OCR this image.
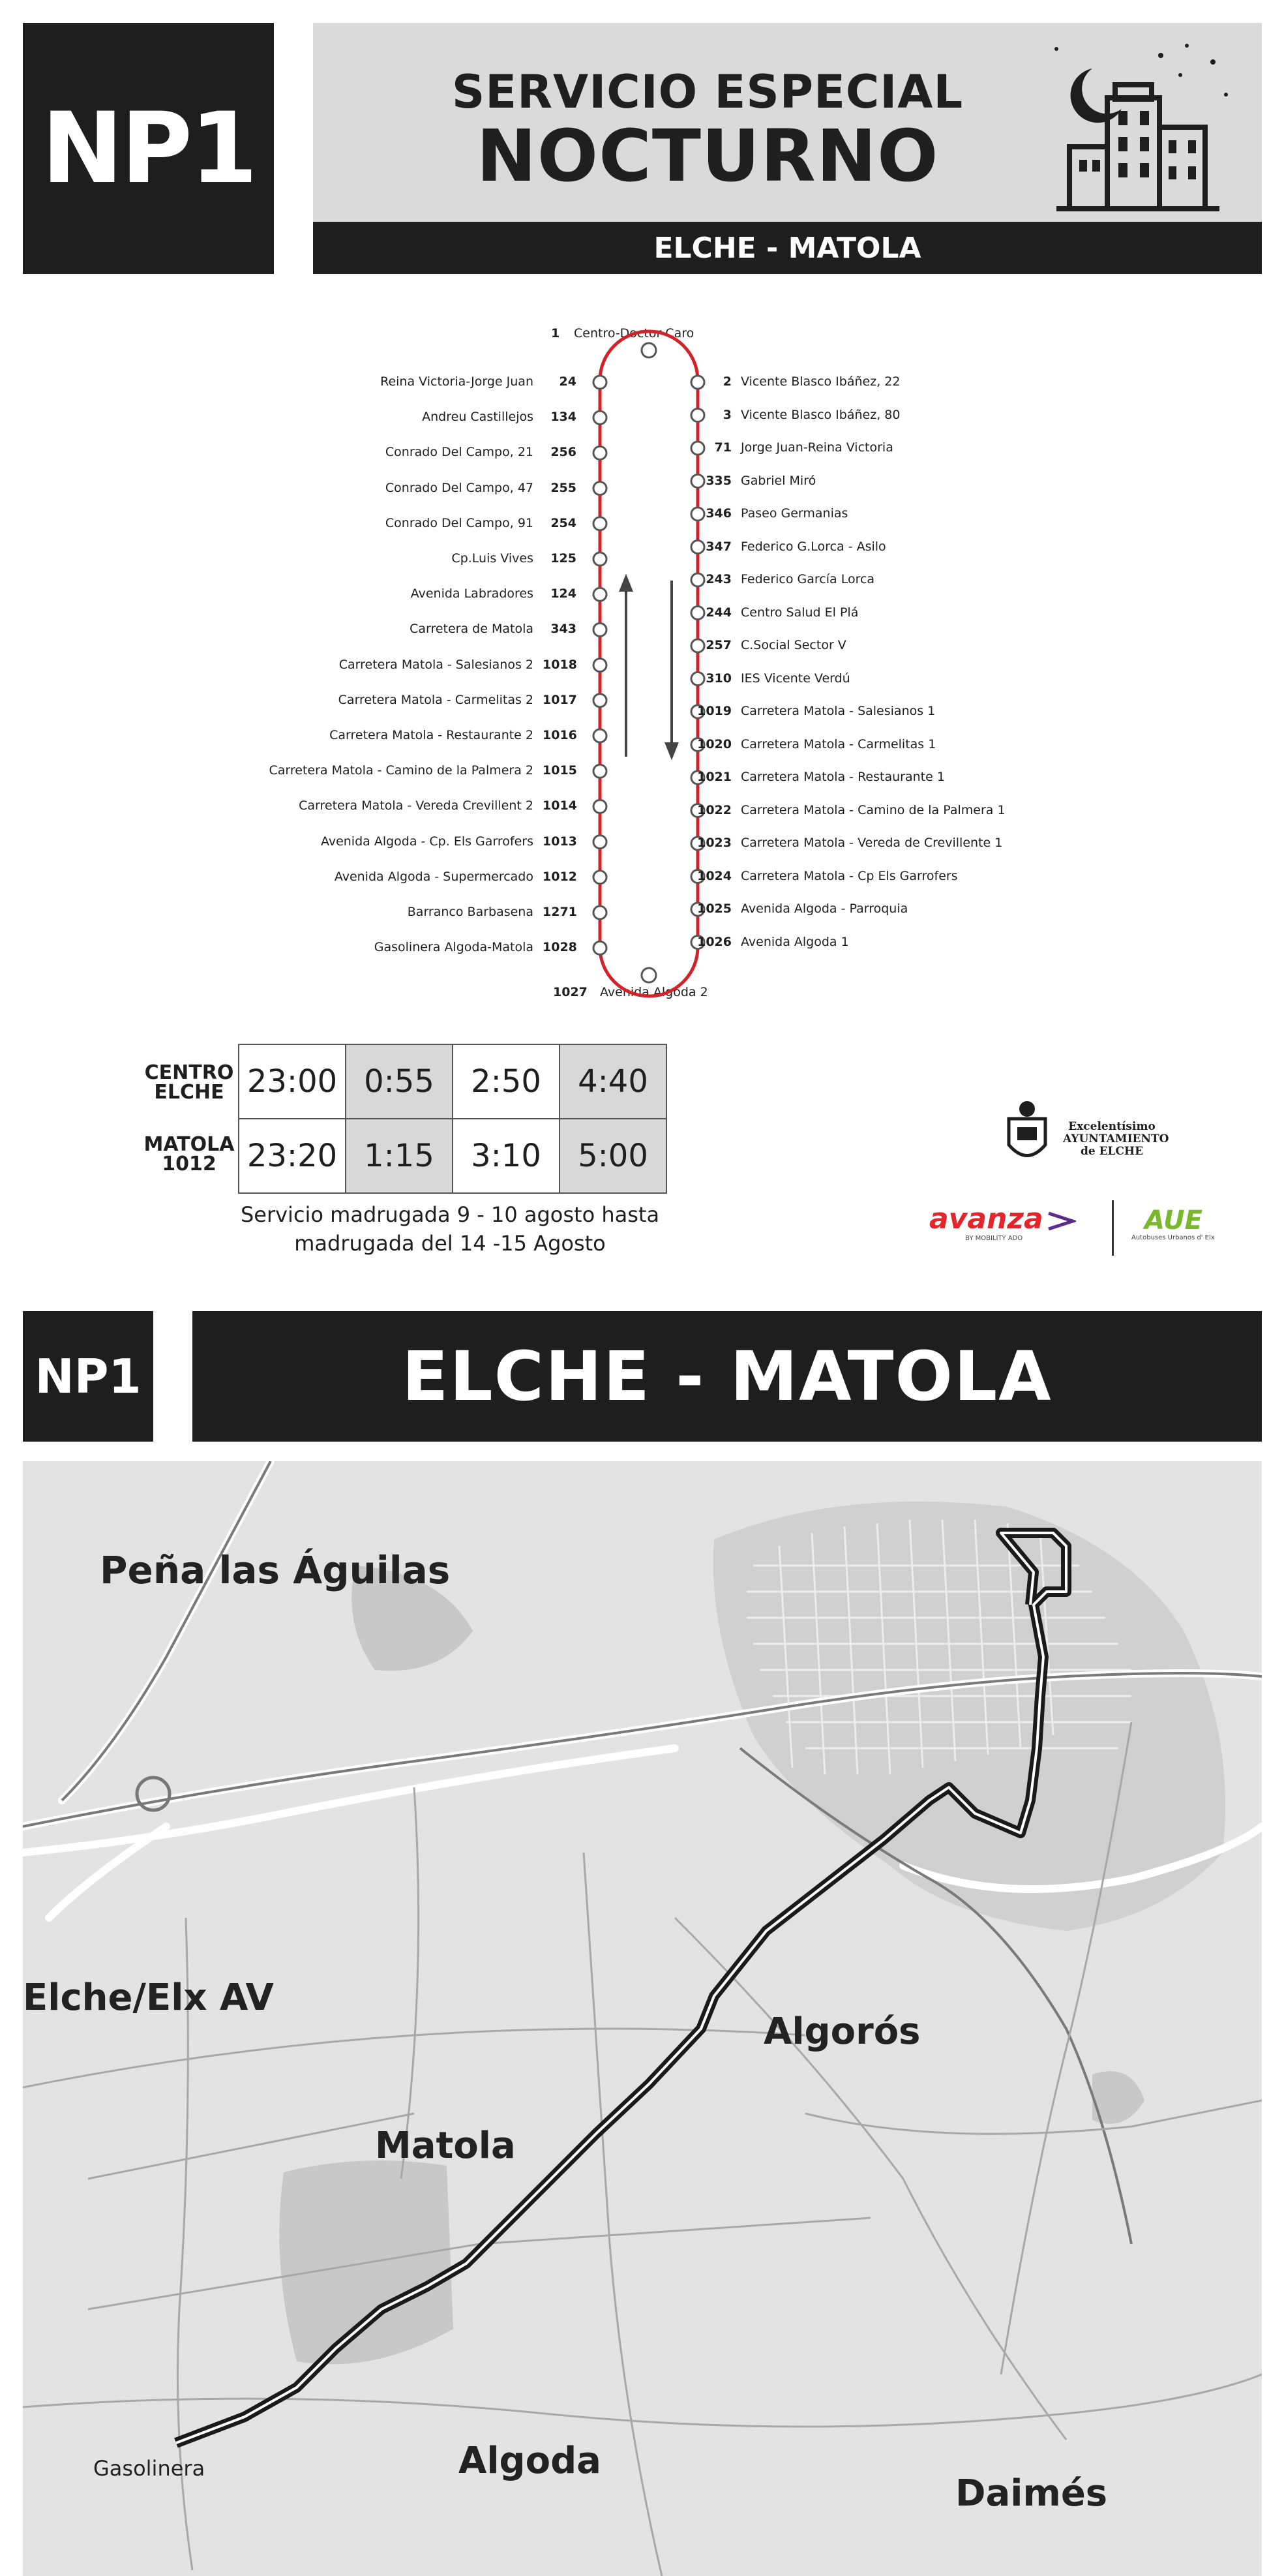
NP1	SERVICIO ESPECIAL
NOCTURNO
ELCHE - MATOLA
1 Centro-Doctor Caro
1027 Avenida Algoda 2
Reina Victoria-Jorge Juan 24
Andreu Castillejos 134
Conrado Del Campo, 21 256
Conrado Del Campo, 47 255
Conrado Del Campo, 91 254
Cp.Luis Vives 125
Avenida Labradores 124
Carretera de Matola 343
Carretera Matola - Salesianos 2 1018
Carretera Matola - Carmelitas 2 1017
Carretera Matola - Restaurante 2 1016
Carretera Matola - Camino de la Palmera 2 1015
Carretera Matola - Vereda Crevillent 2 1014
Avenida Algoda - Cp. Els Garrofers 1013
Avenida Algoda - Supermercado 1012
Barranco Barbasena 1271
Gasolinera Algoda-Matola 1028
2 Vicente Blasco Ibáñez, 22
3 Vicente Blasco Ibáñez, 80
71 Jorge Juan-Reina Victoria
335 Gabriel Miró
346 Paseo Germanias
347 Federico G.Lorca - Asilo
243 Federico García Lorca
244 Centro Salud El Plá
257 C.Social Sector V
310 IES Vicente Verdú
1019 Carretera Matola - Salesianos 1
1020 Carretera Matola - Carmelitas 1
1021 Carretera Matola - Restaurante 1
1022 Carretera Matola - Camino de la Palmera 1
1023 Carretera Matola - Vereda de Crevillente 1
1024 Carretera Matola - Cp Els Garrofers
1025 Avenida Algoda - Parroquia
1026 Avenida Algoda 1
CENTRO
ELCHE
MATOLA
1012
23:00	0:55	2:50	4:40
23:20	1:15	3:10	5:00
Servicio madrugada 9 - 10 agosto hasta
madrugada del 14 -15 Agosto
Excelentísimo
AYUNTAMIENTO
de ELCHE
avanza
BY MOBILITY ADO
AUE
Autobuses Urbanos d' Elx
NP1	ELCHE - MATOLA
Peña las Águilas
Elche/Elx AV
Algorós
Matola
Gasolinera	Algoda
Daimés
